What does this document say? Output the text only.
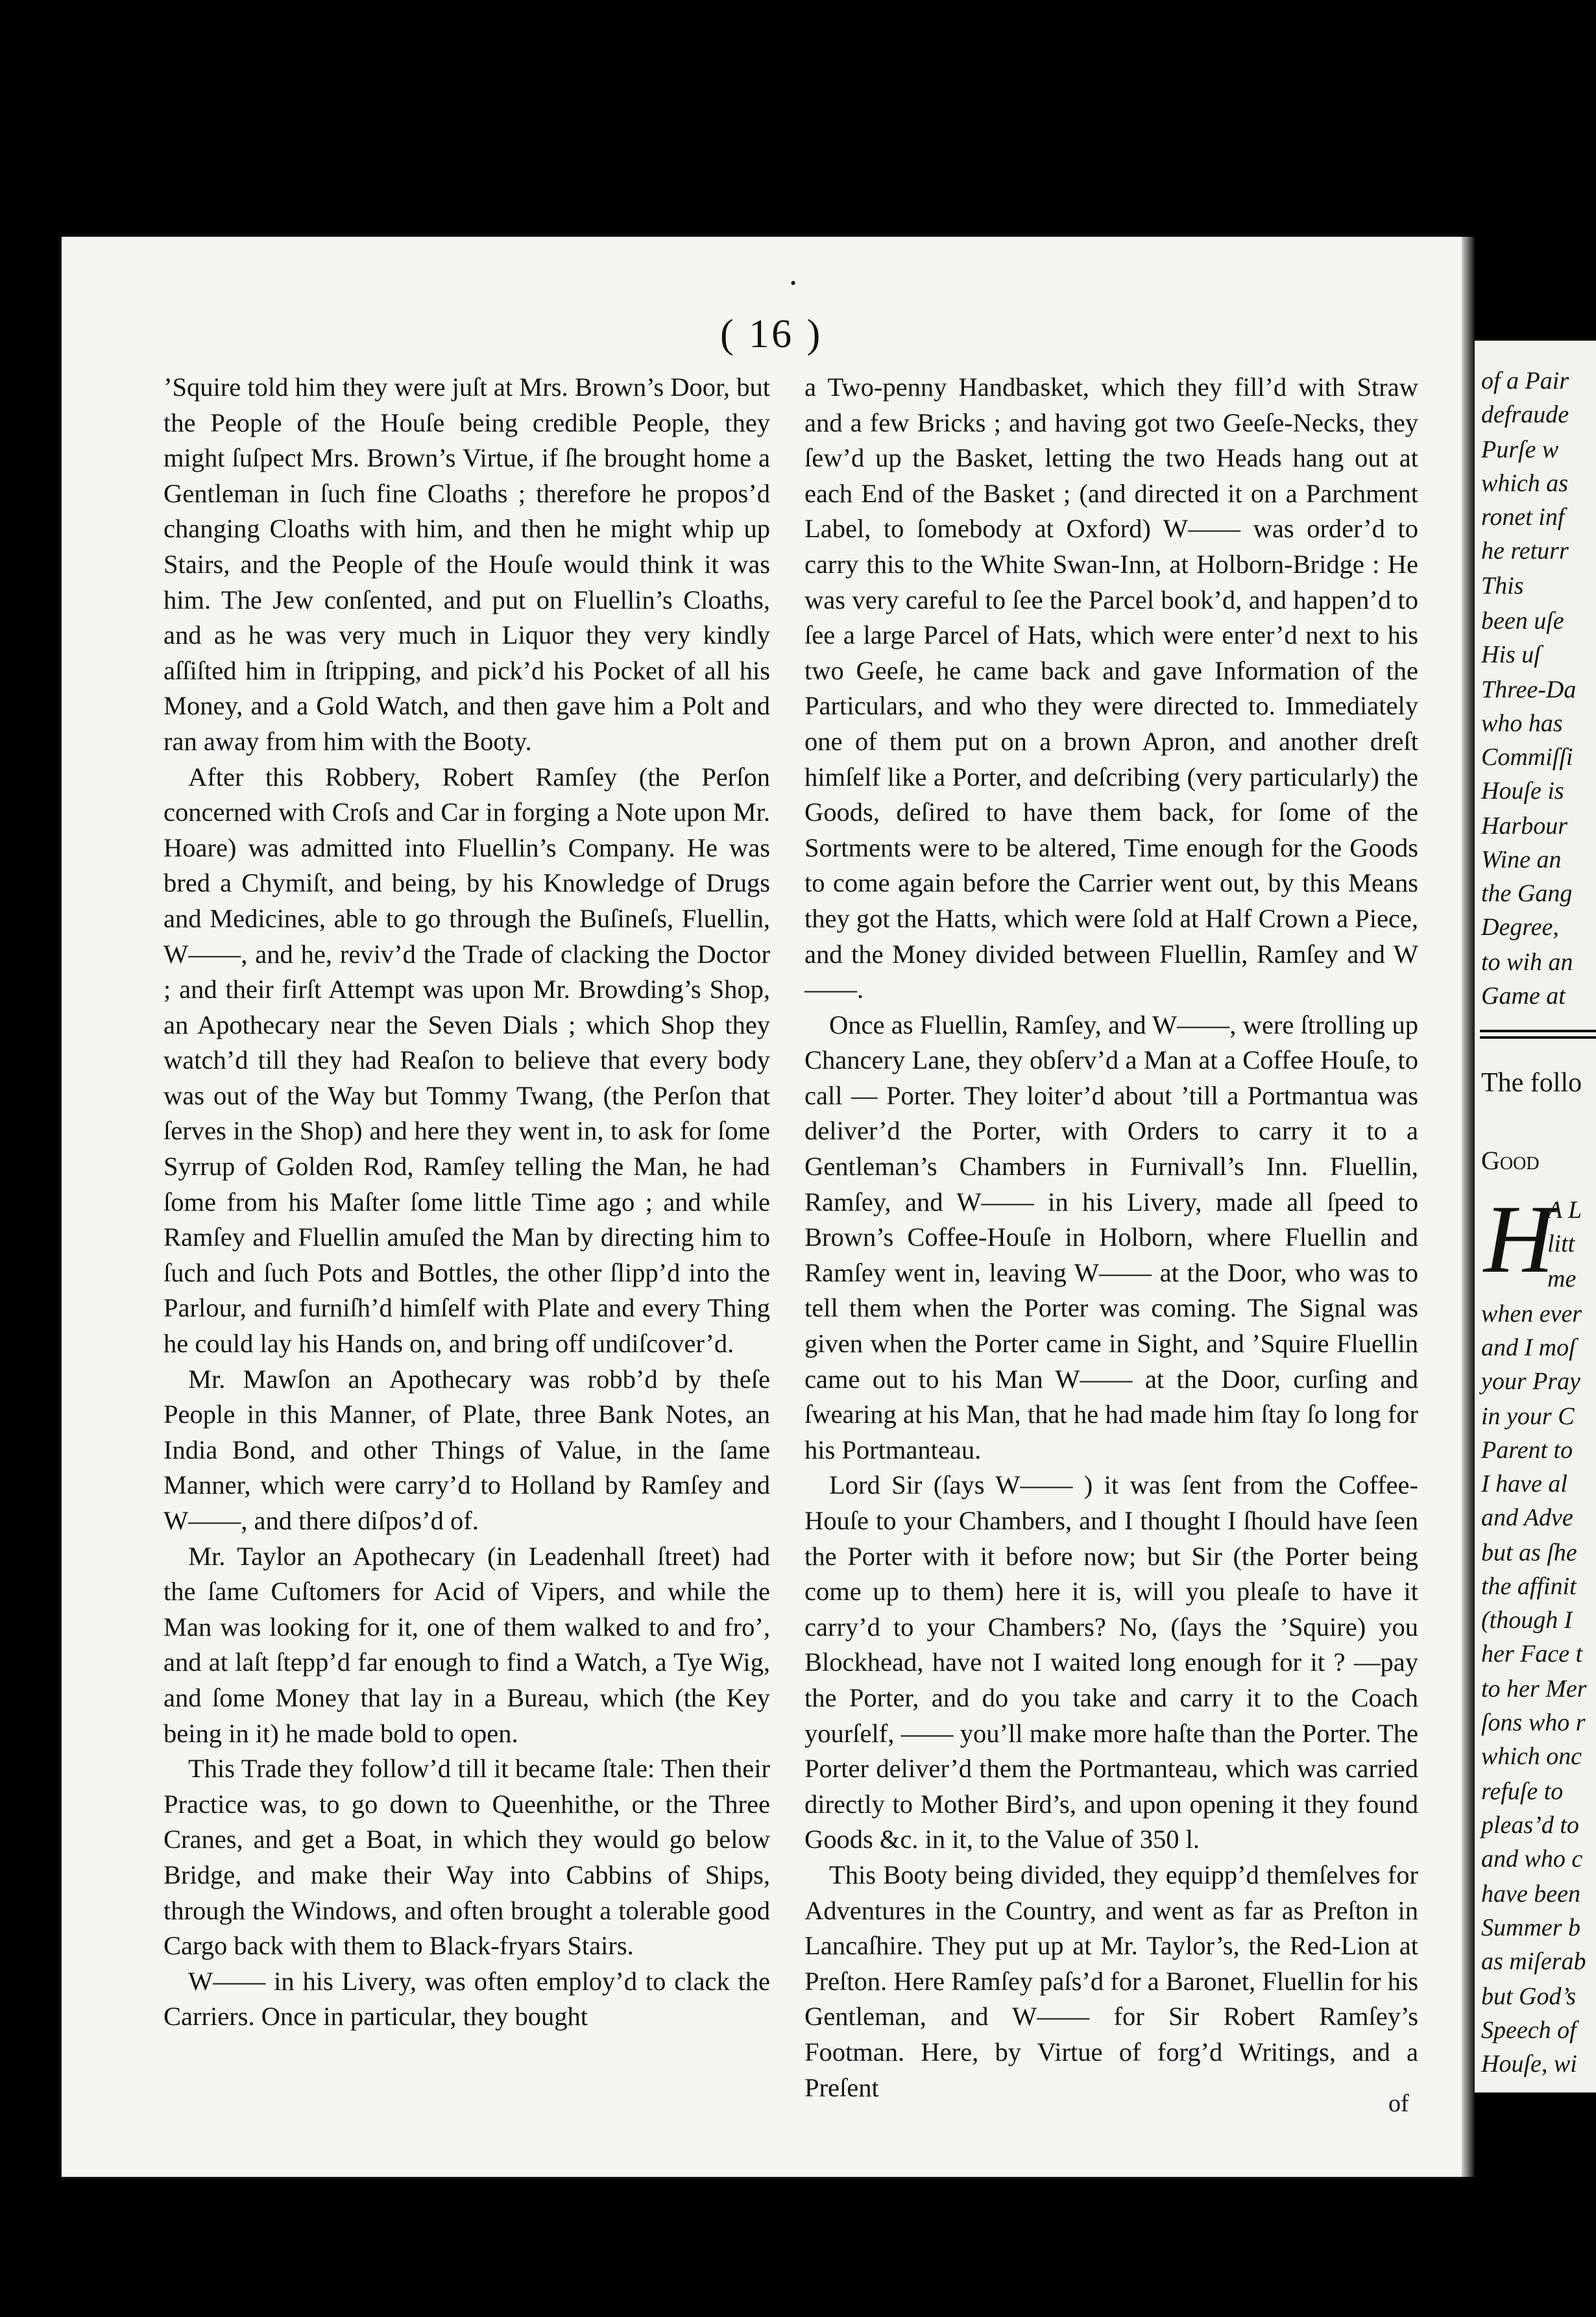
of a Pair
defraude
Purſe w
which as
ronet inf
he returr
This
been uſe
His uſ
Three-Da
who has
Commiſſi
Houſe is
Harbour
Wine an
the Gang
Degree,
to wih an
Game at
The follo
Good
H
A L
litt
me
when ever
and I moſ
your Pray
in your C
Parent to
I have al
and Adve
but as ſhe
the affinit
(though I
her Face t
to her Mer
ſons who r
which onc
refuſe to
pleas’d to
and who c
have been
Summer b
as miſerab
but God’s
Speech of
Houſe, wi
•
( 16 )

’Squire told him they were juſt at Mrs. Brown’s Door, but the People of the Houſe being credible People, they might ſuſpect Mrs. Brown’s Virtue, if ſhe brought home a Gentleman in ſuch fine Cloaths ; therefore he propos’d changing Cloaths with him, and then he might whip up Stairs, and the People of the Houſe would think it was him. The Jew conſented, and put on Fluellin’s Cloaths, and as he was very much in Liquor they very kindly aſſiſted him in ſtripping, and pick’d his Pocket of all his Money, and a Gold Watch, and then gave him a Polt and ran away from him with the Booty.

After this Robbery, Robert Ramſey (the Perſon concerned with Croſs and Car in forging a Note upon Mr. Hoare) was admitted into Fluellin’s Company. He was bred a Chymiſt, and being, by his Knowledge of Drugs and Medicines, able to go through the Buſineſs, Fluellin, W——, and he, reviv’d the Trade of clacking the Doctor ; and their firſt Attempt was upon Mr. Browding’s Shop, an Apothecary near the Seven Dials ; which Shop they watch’d till they had Reaſon to believe that every body was out of the Way but Tommy Twang, (the Perſon that ſerves in the Shop) and here they went in, to ask for ſome Syrrup of Golden Rod, Ramſey telling the Man, he had ſome from his Maſter ſome little Time ago ; and while Ramſey and Fluellin amuſed the Man by directing him to ſuch and ſuch Pots and Bottles, the other ſlipp’d into the Parlour, and furniſh’d himſelf with Plate and every Thing he could lay his Hands on, and bring off undiſcover’d.

Mr. Mawſon an Apothecary was robb’d by theſe People in this Manner, of Plate, three Bank Notes, an India Bond, and other Things of Value, in the ſame Manner, which were carry’d to Holland by Ramſey and W——, and there diſpos’d of.

Mr. Taylor an Apothecary (in Leadenhall ſtreet) had the ſame Cuſtomers for Acid of Vipers, and while the Man was looking for it, one of them walked to and fro’, and at laſt ſtepp’d far enough to find a Watch, a Tye Wig, and ſome Money that lay in a Bureau, which (the Key being in it) he made bold to open.

This Trade they follow’d till it became ſtale: Then their Practice was, to go down to Queenhithe, or the Three Cranes, and get a Boat, in which they would go below Bridge, and make their Way into Cabbins of Ships, through the Windows, and often brought a tolerable good Cargo back with them to Black-fryars Stairs.

W—— in his Livery, was often employ’d to clack the Carriers. Once in particular, they bought

a Two-penny Handbasket, which they fill’d with Straw and a few Bricks ; and having got two Geeſe-Necks, they ſew’d up the Basket, letting the two Heads hang out at each End of the Basket ; (and directed it on a Parchment Label, to ſomebody at Oxford) W—— was order’d to carry this to the White Swan-Inn, at Holborn-Bridge : He was very careful to ſee the Parcel book’d, and happen’d to ſee a large Parcel of Hats, which were enter’d next to his two Geeſe, he came back and gave Information of the Particulars, and who they were directed to. Immediately one of them put on a brown Apron, and another dreſt himſelf like a Porter, and deſcribing (very particularly) the Goods, deſired to have them back, for ſome of the Sortments were to be altered, Time enough for the Goods to come again before the Carrier went out, by this Means they got the Hatts, which were ſold at Half Crown a Piece, and the Money divided between Fluellin, Ramſey and W——.

Once as Fluellin, Ramſey, and W——, were ſtrolling up Chancery Lane, they obſerv’d a Man at a Coffee Houſe, to call — Porter. They loiter’d about ’till a Portmantua was deliver’d the Porter, with Orders to carry it to a Gentleman’s Chambers in Furnivall’s Inn. Fluellin, Ramſey, and W—— in his Livery, made all ſpeed to Brown’s Coffee-Houſe in Holborn, where Fluellin and Ramſey went in, leaving W—— at the Door, who was to tell them when the Porter was coming. The Signal was given when the Porter came in Sight, and ’Squire Fluellin came out to his Man W—— at the Door, curſing and ſwearing at his Man, that he had made him ſtay ſo long for his Portmanteau.

Lord Sir (ſays W—— ) it was ſent from the Coffee-Houſe to your Chambers, and I thought I ſhould have ſeen the Porter with it before now; but Sir (the Porter being come up to them) here it is, will you pleaſe to have it carry’d to your Chambers? No, (ſays the ’Squire) you Blockhead, have not I waited long enough for it ? —pay the Porter, and do you take and carry it to the Coach yourſelf, —— you’ll make more haſte than the Porter. The Porter deliver’d them the Portmanteau, which was carried directly to Mother Bird’s, and upon opening it they found Goods &c. in it, to the Value of 350 l.

This Booty being divided, they equipp’d themſelves for Adventures in the Country, and went as far as Preſton in Lancaſhire. They put up at Mr. Taylor’s, the Red-Lion at Preſton. Here Ramſey paſs’d for a Baronet, Fluellin for his Gentleman, and W—— for Sir Robert Ramſey’s Footman. Here, by Virtue of forg’d Writings, and a Preſent

of
